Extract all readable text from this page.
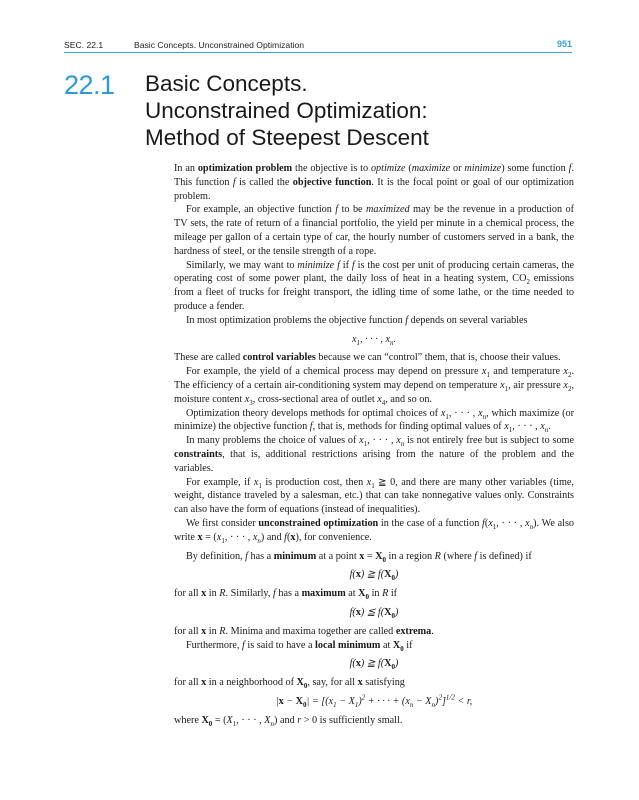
SEC. 22.1	Basic Concepts. Unconstrained Optimization	951
22.1 Basic Concepts.
Unconstrained Optimization:
Method of Steepest Descent

In an optimization problem the objective is to optimize (maximize or minimize) some function f. This function f is called the objective function. It is the focal point or goal of our optimization problem.

For example, an objective function f to be maximized may be the revenue in a production of TV sets, the rate of return of a financial portfolio, the yield per minute in a chemical process, the mileage per gallon of a certain type of car, the hourly number of customers served in a bank, the hardness of steel, or the tensile strength of a rope.

Similarly, we may want to minimize f if f is the cost per unit of producing certain cameras, the operating cost of some power plant, the daily loss of heat in a heating system, $CO_2$ emissions from a fleet of trucks for freight transport, the idling time of some lathe, or the time needed to produce a fender.

In most optimization problems the objective function f depends on several variables

$x_1$, · · · , $x_n$.

These are called control variables because we can “control” them, that is, choose their values.

For example, the yield of a chemical process may depend on pressure $x_1$ and temperature $x_2$. The efficiency of a certain air-conditioning system may depend on temperature $x_1$, air pressure $x_2$, moisture content $x_3$, cross-sectional area of outlet $x_4$, and so on.

Optimization theory develops methods for optimal choices of $x_1$, · · · , $x_n$, which maximize (or minimize) the objective function f, that is, methods for finding optimal values of $x_1$, · · · , $x_n$.

In many problems the choice of values of $x_1$, · · · , $x_n$ is not entirely free but is subject to some constraints, that is, additional restrictions arising from the nature of the problem and the variables.

For example, if $x_1$ is production cost, then $x_1$ ≧ 0, and there are many other variables (time, weight, distance traveled by a salesman, etc.) that can take nonnegative values only. Constraints can also have the form of equations (instead of inequalities).

We first consider unconstrained optimization in the case of a function $f(x_1$, · · · , $x_n$). We also write $x = (x_1$, · · · , $x_n$) and f(x), for convenience.

By definition, f has a minimum at a point $x = X_0$ in a region R (where f is defined) if

f(x) ≧ $f(X_0)$

for all x in R. Similarly, f has a maximum at $X_0$ in R if

f(x) ≦ $f(X_0)$

for all x in R. Minima and maxima together are called extrema.

Furthermore, f is said to have a local minimum at $X_0$ if

f(x) ≧ $f(X_0)$

for all x in a neighborhood of $X_0$, say, for all x satisfying

$|x - X_0| = [(x_1 - X_1)^2$ + · · · + $(x_n - X_n)^2]^{1/2} < r$,

where $X_0 = (X_1$, · · · , $X_n$) and r > 0 is sufficiently small.
